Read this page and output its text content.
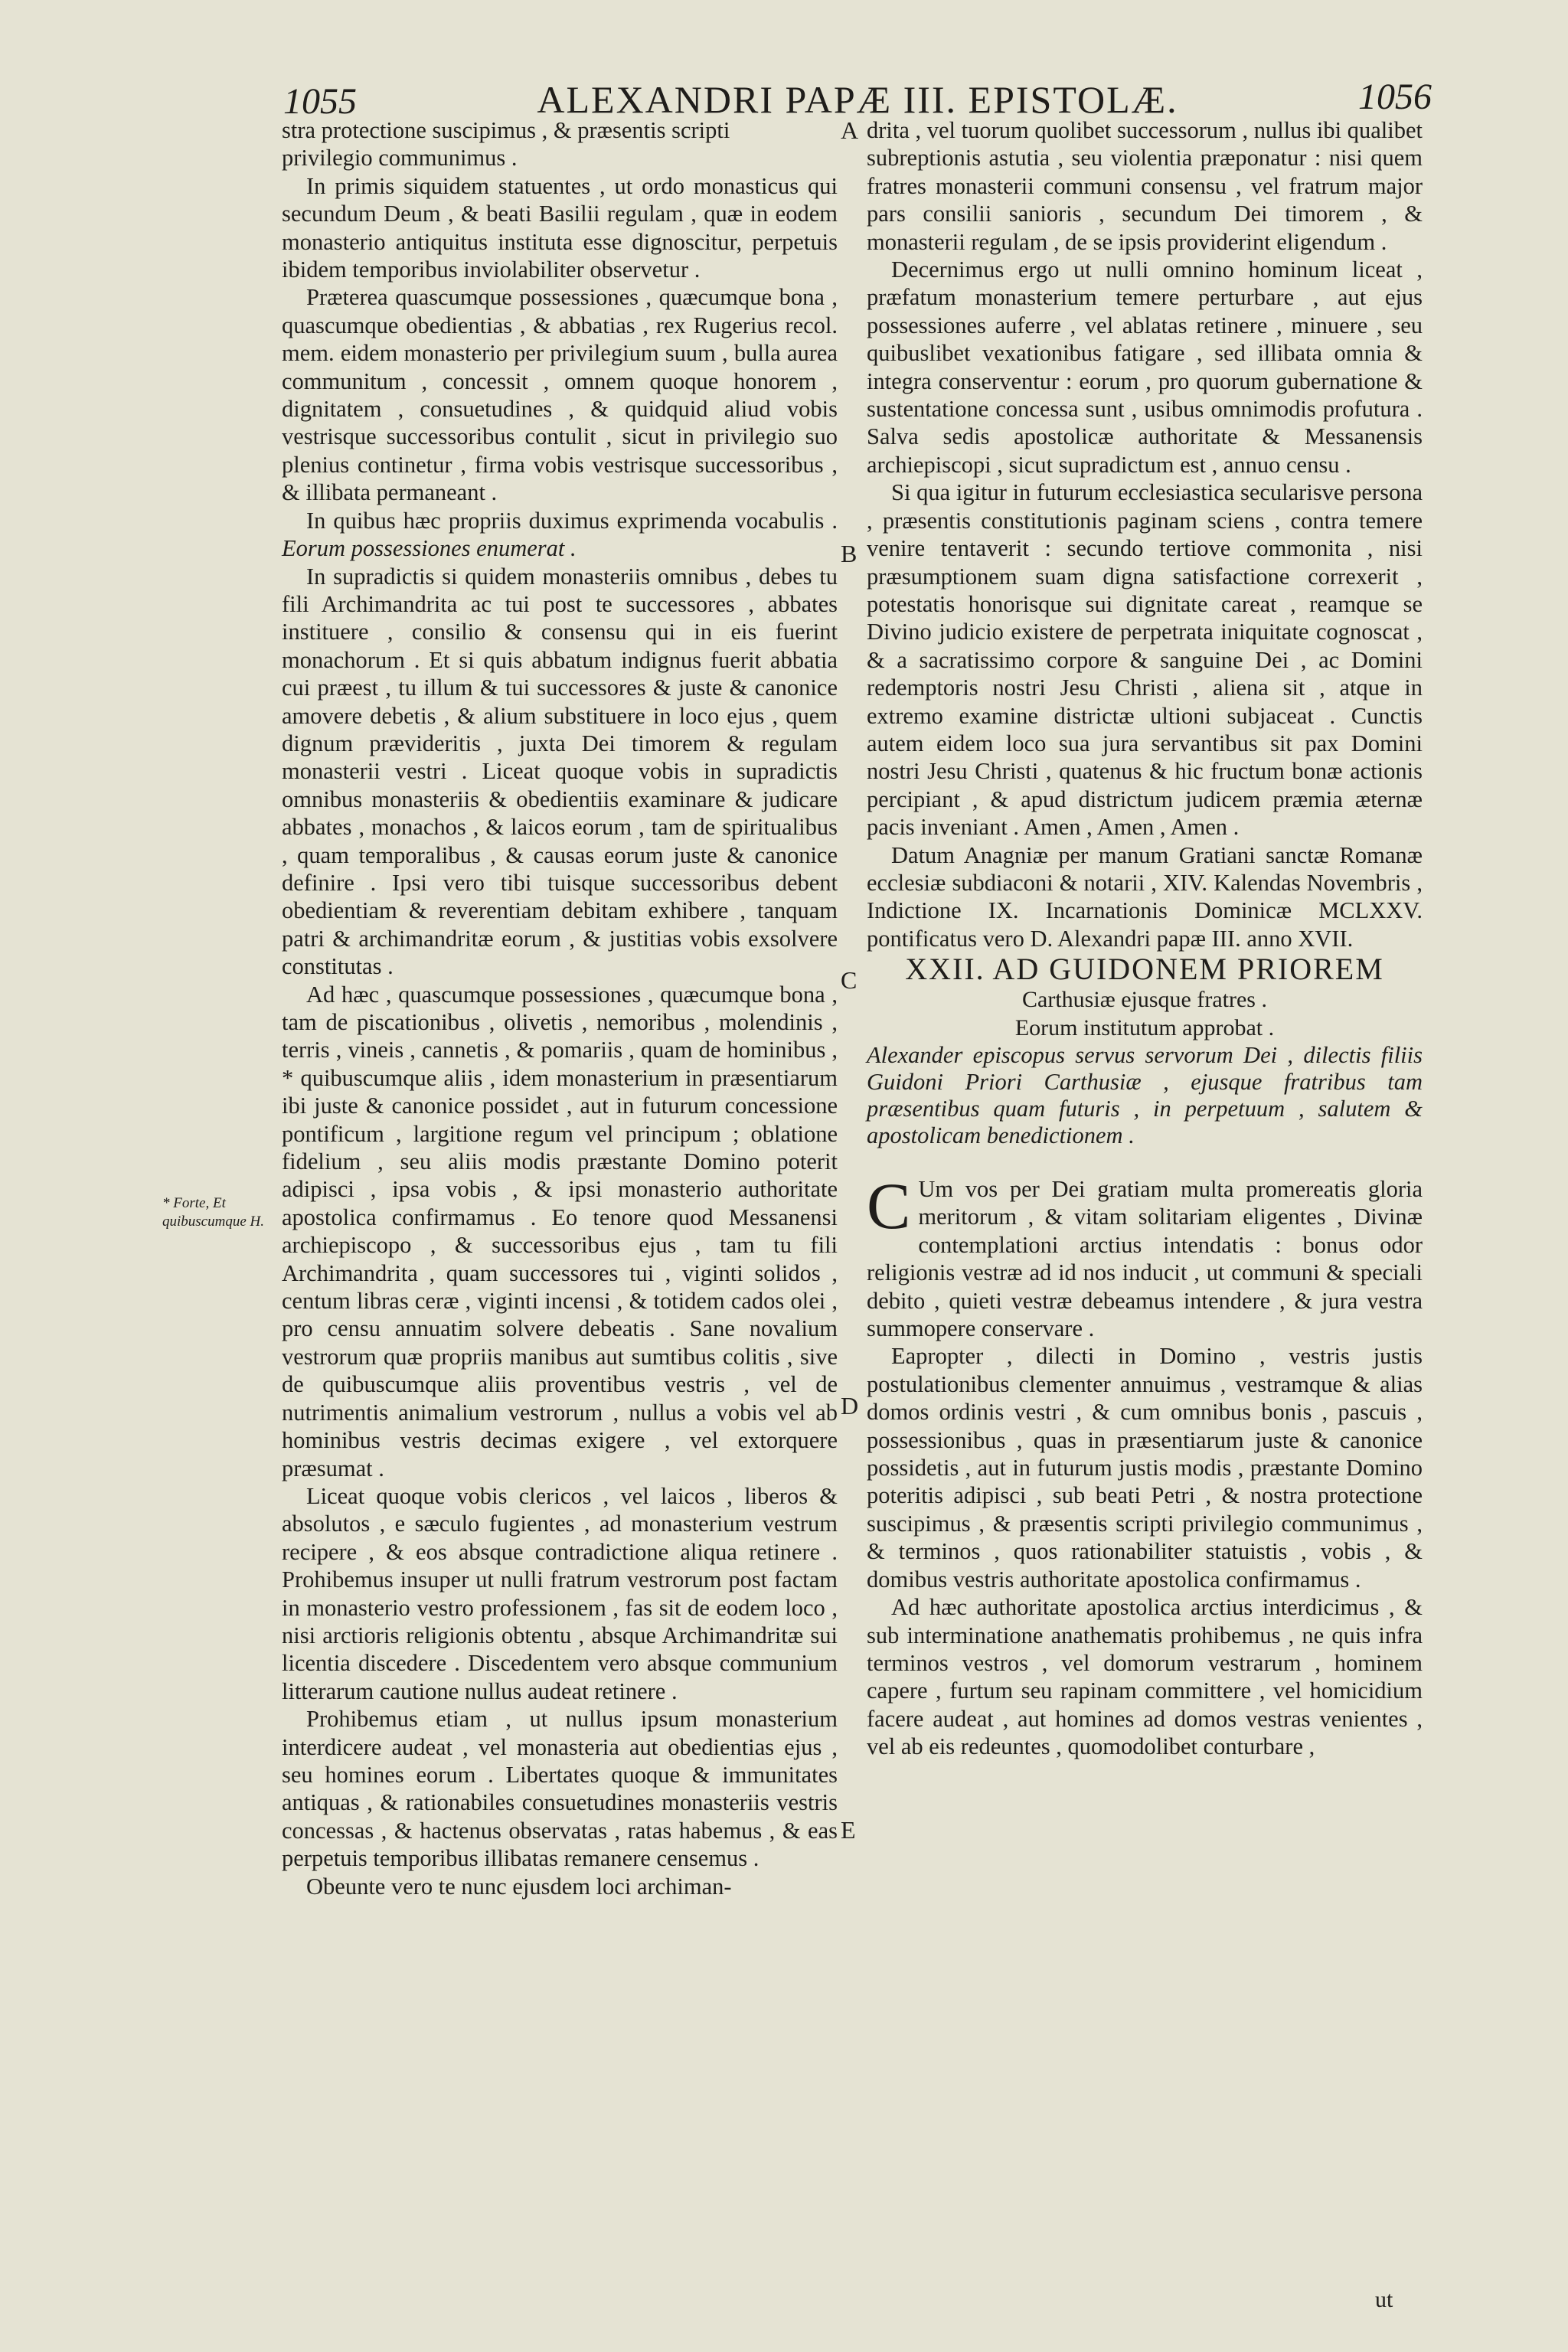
1055	ALEXANDRI PAPÆ III. EPISTOLÆ.	1056
A
B
C
D
E
* Forte, Et quibuscumque H.

stra protectione suscipimus , & præsentis scripti

privilegio communimus .

In primis siquidem statuentes , ut ordo monasticus qui secundum Deum , & beati Basilii regulam , quæ in eodem monasterio antiquitus instituta esse dignoscitur, perpetuis ibidem temporibus inviolabiliter observetur .

Præterea quascumque possessiones , quæcumque bona , quascumque obedientias , & abbatias , rex Rugerius recol. mem. eidem monasterio per privilegium suum , bulla aurea communitum , concessit , omnem quoque honorem , dignitatem , consuetudines , & quidquid aliud vobis vestrisque successoribus contulit , sicut in privilegio suo plenius continetur , firma vobis vestrisque successoribus , & illibata permaneant .

In quibus hæc propriis duximus exprimenda vocabulis . Eorum possessiones enumerat .

In supradictis si quidem monasteriis omnibus , debes tu fili Archimandrita ac tui post te successores , abbates instituere , consilio & consensu qui in eis fuerint monachorum . Et si quis abbatum indignus fuerit abbatia cui præest , tu illum & tui successores & juste & canonice amovere debetis , & alium substituere in loco ejus , quem dignum prævideritis , juxta Dei timorem & regulam monasterii vestri . Liceat quoque vobis in supradictis omnibus monasteriis & obedientiis examinare & judicare abbates , monachos , & laicos eorum , tam de spiritualibus , quam temporalibus , & causas eorum juste & canonice definire . Ipsi vero tibi tuisque successoribus debent obedientiam & reverentiam debitam exhibere , tanquam patri & archimandritæ eorum , & justitias vobis exsolvere constitutas .

Ad hæc , quascumque possessiones , quæcumque bona , tam de piscationibus , olivetis , nemoribus , molendinis , terris , vineis , cannetis , & pomariis , quam de hominibus , * quibuscumque aliis , idem monasterium in præsentiarum ibi juste & canonice possidet , aut in futurum concessione pontificum , largitione regum vel principum ; oblatione fidelium , seu aliis modis præstante Domino poterit adipisci , ipsa vobis , & ipsi monasterio authoritate apostolica confirmamus . Eo tenore quod Messanensi archiepiscopo , & successoribus ejus , tam tu fili Archimandrita , quam successores tui , viginti solidos , centum libras ceræ , viginti incensi , & totidem cados olei , pro censu annuatim solvere debeatis . Sane novalium vestrorum quæ propriis manibus aut sumtibus colitis , sive de quibuscumque aliis proventibus vestris , vel de nutrimentis animalium vestrorum , nullus a vobis vel ab hominibus vestris decimas exigere , vel extorquere præsumat .

Liceat quoque vobis clericos , vel laicos , liberos & absolutos , e sæculo fugientes , ad monasterium vestrum recipere , & eos absque contradictione aliqua retinere . Prohibemus insuper ut nulli fratrum vestrorum post factam in monasterio vestro professionem , fas sit de eodem loco , nisi arctioris religionis obtentu , absque Archimandritæ sui licentia discedere . Discedentem vero absque communium litterarum cautione nullus audeat retinere .

Prohibemus etiam , ut nullus ipsum monasterium interdicere audeat , vel monasteria aut obedientias ejus , seu homines eorum . Libertates quoque & immunitates antiquas , & rationabiles consuetudines monasteriis vestris concessas , & hactenus observatas , ratas habemus , & eas perpetuis temporibus illibatas remanere censemus .

Obeunte vero te nunc ejusdem loci archiman-

drita , vel tuorum quolibet successorum , nullus ibi qualibet subreptionis astutia , seu violentia præponatur : nisi quem fratres monasterii communi consensu , vel fratrum major pars consilii sanioris , secundum Dei timorem , & monasterii regulam , de se ipsis providerint eligendum .

Decernimus ergo ut nulli omnino hominum liceat , præfatum monasterium temere perturbare , aut ejus possessiones auferre , vel ablatas retinere , minuere , seu quibuslibet vexationibus fatigare , sed illibata omnia & integra conserventur : eorum , pro quorum gubernatione & sustentatione concessa sunt , usibus omnimodis profutura . Salva sedis apostolicæ authoritate & Messanensis archiepiscopi , sicut supradictum est , annuo censu .

Si qua igitur in futurum ecclesiastica secularisve persona , præsentis constitutionis paginam sciens , contra temere venire tentaverit : secundo tertiove commonita , nisi præsumptionem suam digna satisfactione correxerit , potestatis honorisque sui dignitate careat , reamque se Divino judicio existere de perpetrata iniquitate cognoscat , & a sacratissimo corpore & sanguine Dei , ac Domini redemptoris nostri Jesu Christi , aliena sit , atque in extremo examine districtæ ultioni subjaceat . Cunctis autem eidem loco sua jura servantibus sit pax Domini nostri Jesu Christi , quatenus & hic fructum bonæ actionis percipiant , & apud districtum judicem præmia æternæ pacis inveniant . Amen , Amen , Amen .

Datum Anagniæ per manum Gratiani sanctæ Romanæ ecclesiæ subdiaconi & notarii , XIV. Kalendas Novembris , Indictione IX. Incarnationis Dominicæ MCLXXV. pontificatus vero D. Alexandri papæ III. anno XVII.

XXII. AD GUIDONEM PRIOREM

Carthusiæ ejusque fratres .

Eorum institutum approbat .

Alexander episcopus servus servorum Dei , dilectis filiis Guidoni Priori Carthusiæ , ejusque fratribus tam præsentibus quam futuris , in perpetuum , salutem & apostolicam benedictionem .

C Um vos per Dei gratiam multa promereatis gloria meritorum , & vitam solitariam eligentes , Divinæ contemplationi arctius intendatis : bonus odor religionis vestræ ad id nos inducit , ut communi & speciali debito , quieti vestræ debeamus intendere , & jura vestra summopere conservare .

Eapropter , dilecti in Domino , vestris justis postulationibus clementer annuimus , vestramque & alias domos ordinis vestri , & cum omnibus bonis , pascuis , possessionibus , quas in præsentiarum juste & canonice possidetis , aut in futurum justis modis , præstante Domino poteritis adipisci , sub beati Petri , & nostra protectione suscipimus , & præsentis scripti privilegio communimus , & terminos , quos rationabiliter statuistis , vobis , & domibus vestris authoritate apostolica confirmamus .

Ad hæc authoritate apostolica arctius interdicimus , & sub interminatione anathematis prohibemus , ne quis infra terminos vestros , vel domorum vestrarum , hominem capere , furtum seu rapinam committere , vel homicidium facere audeat , aut homines ad domos vestras venientes , vel ab eis redeuntes , quomodolibet conturbare ,

ut
